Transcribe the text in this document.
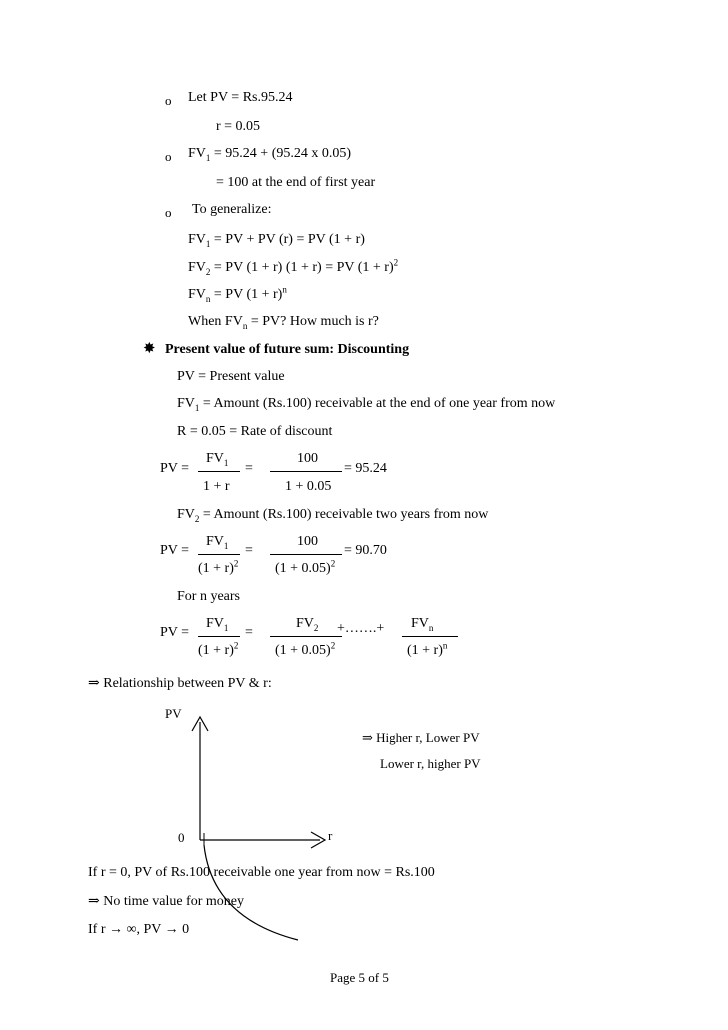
o Let PV = Rs.95.24
r = 0.05
o $FV_1 = 95.24 + (95.24$ x 0.05)
= 100 at the end of first year
o To generalize:
$FV_1$ = PV + PV (r) = PV (1 + r)
$FV_2$ = PV (1 + r) (1 + r) = PV $(1 + r)^2$
$FV_n$ = PV $(1 + r)^n$
When $FV_n$ = PV? How much is r?
✸ Present value of future sum: Discounting
PV = Present value
$FV_1$ = Amount (Rs.100) receivable at the end of one year from now
R = 0.05 = Rate of discount
PV =
$FV_1$
1 + r
=
100
1 + 0.05
= 95.24
$FV_2$ = Amount (Rs.100) receivable two years from now
PV =
$FV_1$
$(1 + r)^2$
=
100
$(1 + 0.05)^2$
= 90.70
For n years
PV =
$FV_1$
$(1 + r)^2$
=
$FV_2$
$(1 + 0.05)^2$
+…….+ $FV_n$
$(1 + r)^n$
⇒ Relationship between PV & r:
PV
r
0
⇒ Higher r, Lower PV
Lower r, higher PV
If r = 0, PV of Rs.100 receivable one year from now = Rs.100
⇒ No time value for money
If r → ∞, PV → 0
Page 5 of 5
